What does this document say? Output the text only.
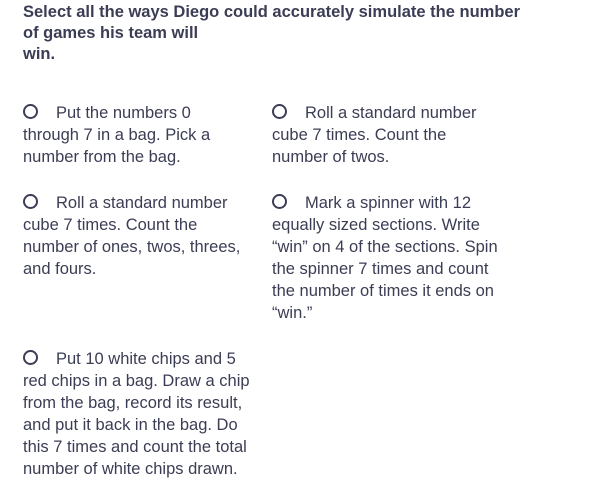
Select all the ways Diego could accurately simulate the number
of games his team will
win.
Put the numbers 0
through 7 in a bag. Pick a
number from the bag.
Roll a standard number
cube 7 times. Count the
number of twos.
Roll a standard number
cube 7 times. Count the
number of ones, twos, threes,
and fours.
Mark a spinner with 12
equally sized sections. Write
“win” on 4 of the sections. Spin
the spinner 7 times and count
the number of times it ends on
“win.”
Put 10 white chips and 5
red chips in a bag. Draw a chip
from the bag, record its result,
and put it back in the bag. Do
this 7 times and count the total
number of white chips drawn.
